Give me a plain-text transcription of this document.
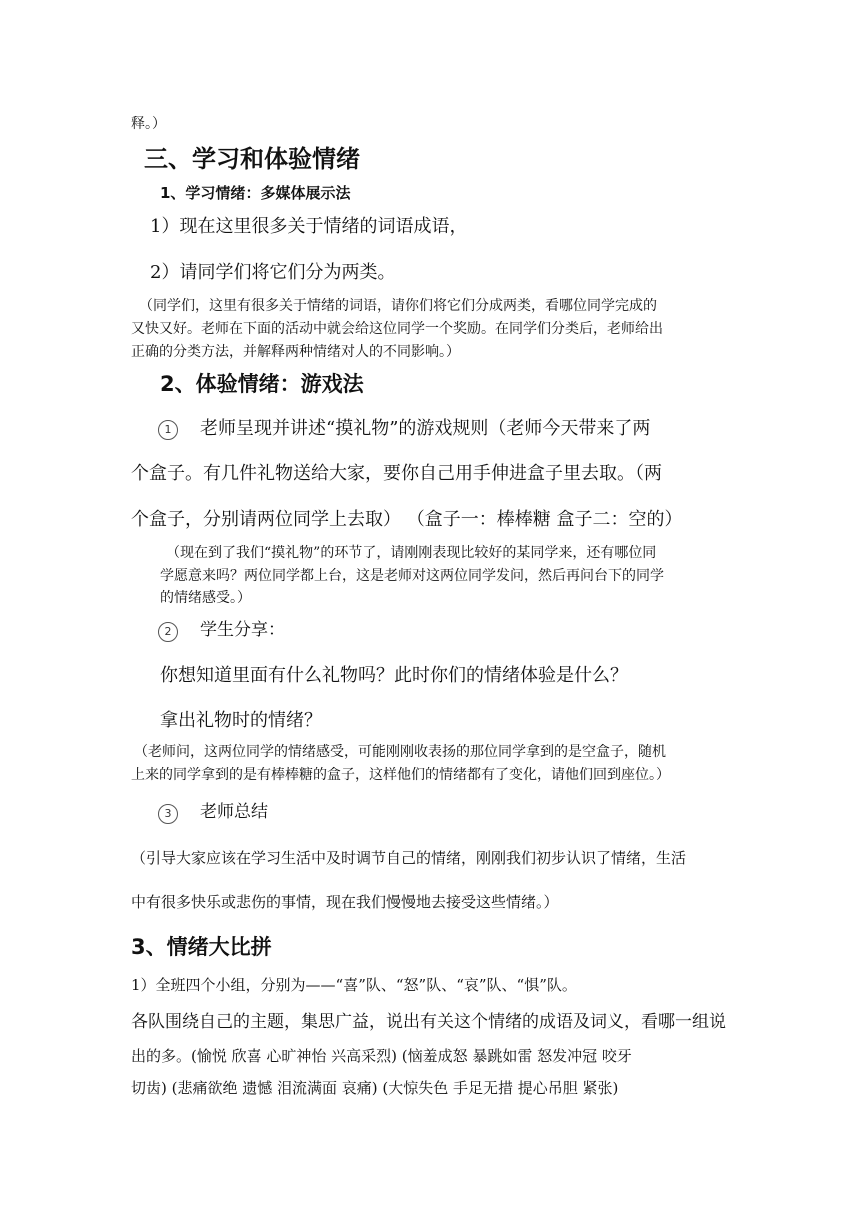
释。）
三、学习和体验情绪
1、学习情绪：多媒体展示法
1）现在这里很多关于情绪的词语成语，
2）请同学们将它们分为两类。
（同学们，这里有很多关于情绪的词语，请你们将它们分成两类，看哪位同学完成的
又快又好。老师在下面的活动中就会给这位同学一个奖励。在同学们分类后，老师给出
正确的分类方法，并解释两种情绪对人的不同影响。）
2、体验情绪：游戏法
1	老师呈现并讲述“摸礼物”的游戏规则（老师今天带来了两
个盒子。有几件礼物送给大家，要你自己用手伸进盒子里去取。（两
个盒子，分别请两位同学上去取） （盒子一：棒棒糖 盒子二：空的）
（现在到了我们“摸礼物”的环节了，请刚刚表现比较好的某同学来，还有哪位同
学愿意来吗？两位同学都上台，这是老师对这两位同学发问，然后再问台下的同学
的情绪感受。）
2	学生分享：
你想知道里面有什么礼物吗？此时你们的情绪体验是什么？
拿出礼物时的情绪？
（老师问，这两位同学的情绪感受，可能刚刚收表扬的那位同学拿到的是空盒子，随机
上来的同学拿到的是有棒棒糖的盒子，这样他们的情绪都有了变化，请他们回到座位。）
3	老师总结
（引导大家应该在学习生活中及时调节自己的情绪，刚刚我们初步认识了情绪，生活
中有很多快乐或悲伤的事情，现在我们慢慢地去接受这些情绪。）
3、情绪大比拼
1）全班四个小组，分别为——“喜”队、“怒”队、“哀”队、“惧”队。
各队围绕自己的主题，集思广益，说出有关这个情绪的成语及词义，看哪一组说
出的多。(愉悦 欣喜 心旷神怡 兴高采烈) (恼羞成怒 暴跳如雷 怒发冲冠 咬牙
切齿) (悲痛欲绝 遗憾 泪流满面 哀痛) (大惊失色 手足无措 提心吊胆 紧张)
